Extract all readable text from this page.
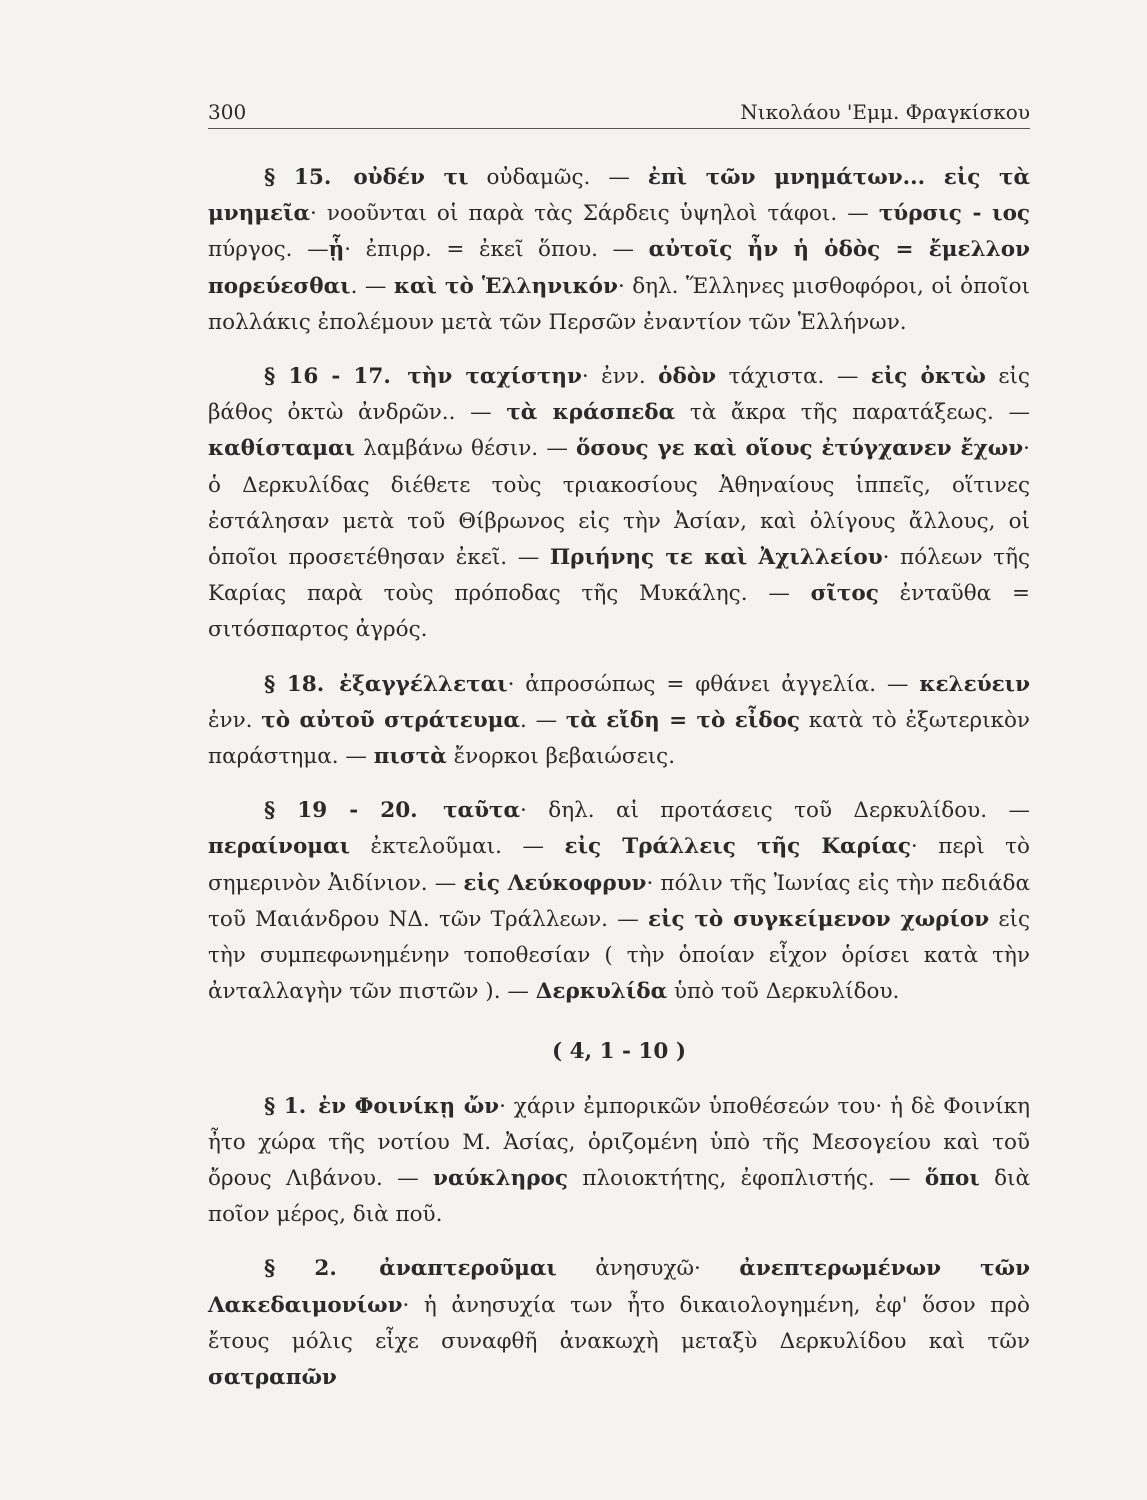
300	Νικολάου 'Εμμ. Φραγκίσκου

§ 15. οὐδέν τι οὐδαμῶς. — ἐπὶ τῶν μνημάτων... εἰς τὰ μνημεῖα· νοοῦνται οἱ παρὰ τὰς Σάρδεις ὑψηλοὶ τάφοι. — τύρσις - ιος πύργος. —ᾗ· ἐπιρρ. = ἐκεῖ ὅπου. — αὐτοῖς ἦν ἡ ὁδὸς = ἔμελλον πορεύεσθαι. — καὶ τὸ Ἑλληνικόν· δηλ. Ἕλληνες μισθοφόροι, οἱ ὁποῖοι πολλάκις ἐπολέμουν μετὰ τῶν Περσῶν ἐναντίον τῶν Ἑλλήνων.

§ 16 - 17. τὴν ταχίστην· ἐνν. ὁδὸν τάχιστα. — εἰς ὀκτὼ εἰς βάθος ὀκτὼ ἀνδρῶν.. — τὰ κράσπεδα τὰ ἄκρα τῆς παρατάξεως. — καθίσταμαι λαμβάνω θέσιν. — ὅσους γε καὶ οἵους ἐτύγχανεν ἔχων· ὁ Δερκυλίδας διέθετε τοὺς τριακοσίους Ἀθηναίους ἱππεῖς, οἵτινες ἐστάλησαν μετὰ τοῦ Θίβρωνος εἰς τὴν Ἀσίαν, καὶ ὀλίγους ἄλλους, οἱ ὁποῖοι προσετέθησαν ἐκεῖ. — Πριήνης τε καὶ Ἀχιλλείου· πόλεων τῆς Καρίας παρὰ τοὺς πρόποδας τῆς Μυκάλης. — σῖτος ἐνταῦθα = σιτόσπαρτος ἀγρός.

§ 18. ἐξαγγέλλεται· ἀπροσώπως = φθάνει ἀγγελία. — κελεύειν ἐνν. τὸ αὐτοῦ στράτευμα. — τὰ εἴδη = τὸ εἶδος κατὰ τὸ ἐξωτερικὸν παράστημα. — πιστὰ ἔνορκοι βεβαιώσεις.

§ 19 - 20. ταῦτα· δηλ. αἱ προτάσεις τοῦ Δερκυλίδου. — περαίνομαι ἐκτελοῦμαι. — εἰς Τράλλεις τῆς Καρίας· περὶ τὸ σημερινὸν Ἀιδίνιον. — εἰς Λεύκοφρυν· πόλιν τῆς Ἰωνίας εἰς τὴν πεδιάδα τοῦ Μαιάνδρου ΝΔ. τῶν Τράλλεων. — εἰς τὸ συγκείμενον χωρίον εἰς τὴν συμπεφωνημένην τοποθεσίαν ( τὴν ὁποίαν εἶχον ὁρίσει κατὰ τὴν ἀνταλλαγὴν τῶν πιστῶν ). — Δερκυλίδα ὑπὸ τοῦ Δερκυλίδου.

( 4, 1 - 10 )

§ 1. ἐν Φοινίκῃ ὤν· χάριν ἐμπορικῶν ὑποθέσεών του· ἡ δὲ Φοινίκη ἦτο χώρα τῆς νοτίου Μ. Ἀσίας, ὁριζομένη ὑπὸ τῆς Μεσογείου καὶ τοῦ ὄρους Λιβάνου. — ναύκληρος πλοιοκτήτης, ἐφοπλιστής. — ὅποι διὰ ποῖον μέρος, διὰ ποῦ.

§ 2. ἀναπτεροῦμαι ἀνησυχῶ· ἀνεπτερωμένων τῶν Λακεδαιμονίων· ἡ ἀνησυχία των ἦτο δικαιολογημένη, ἐφ' ὅσον πρὸ ἔτους μόλις εἶχε συναφθῆ ἀνακωχὴ μεταξὺ Δερκυλίδου καὶ τῶν σατραπῶν
